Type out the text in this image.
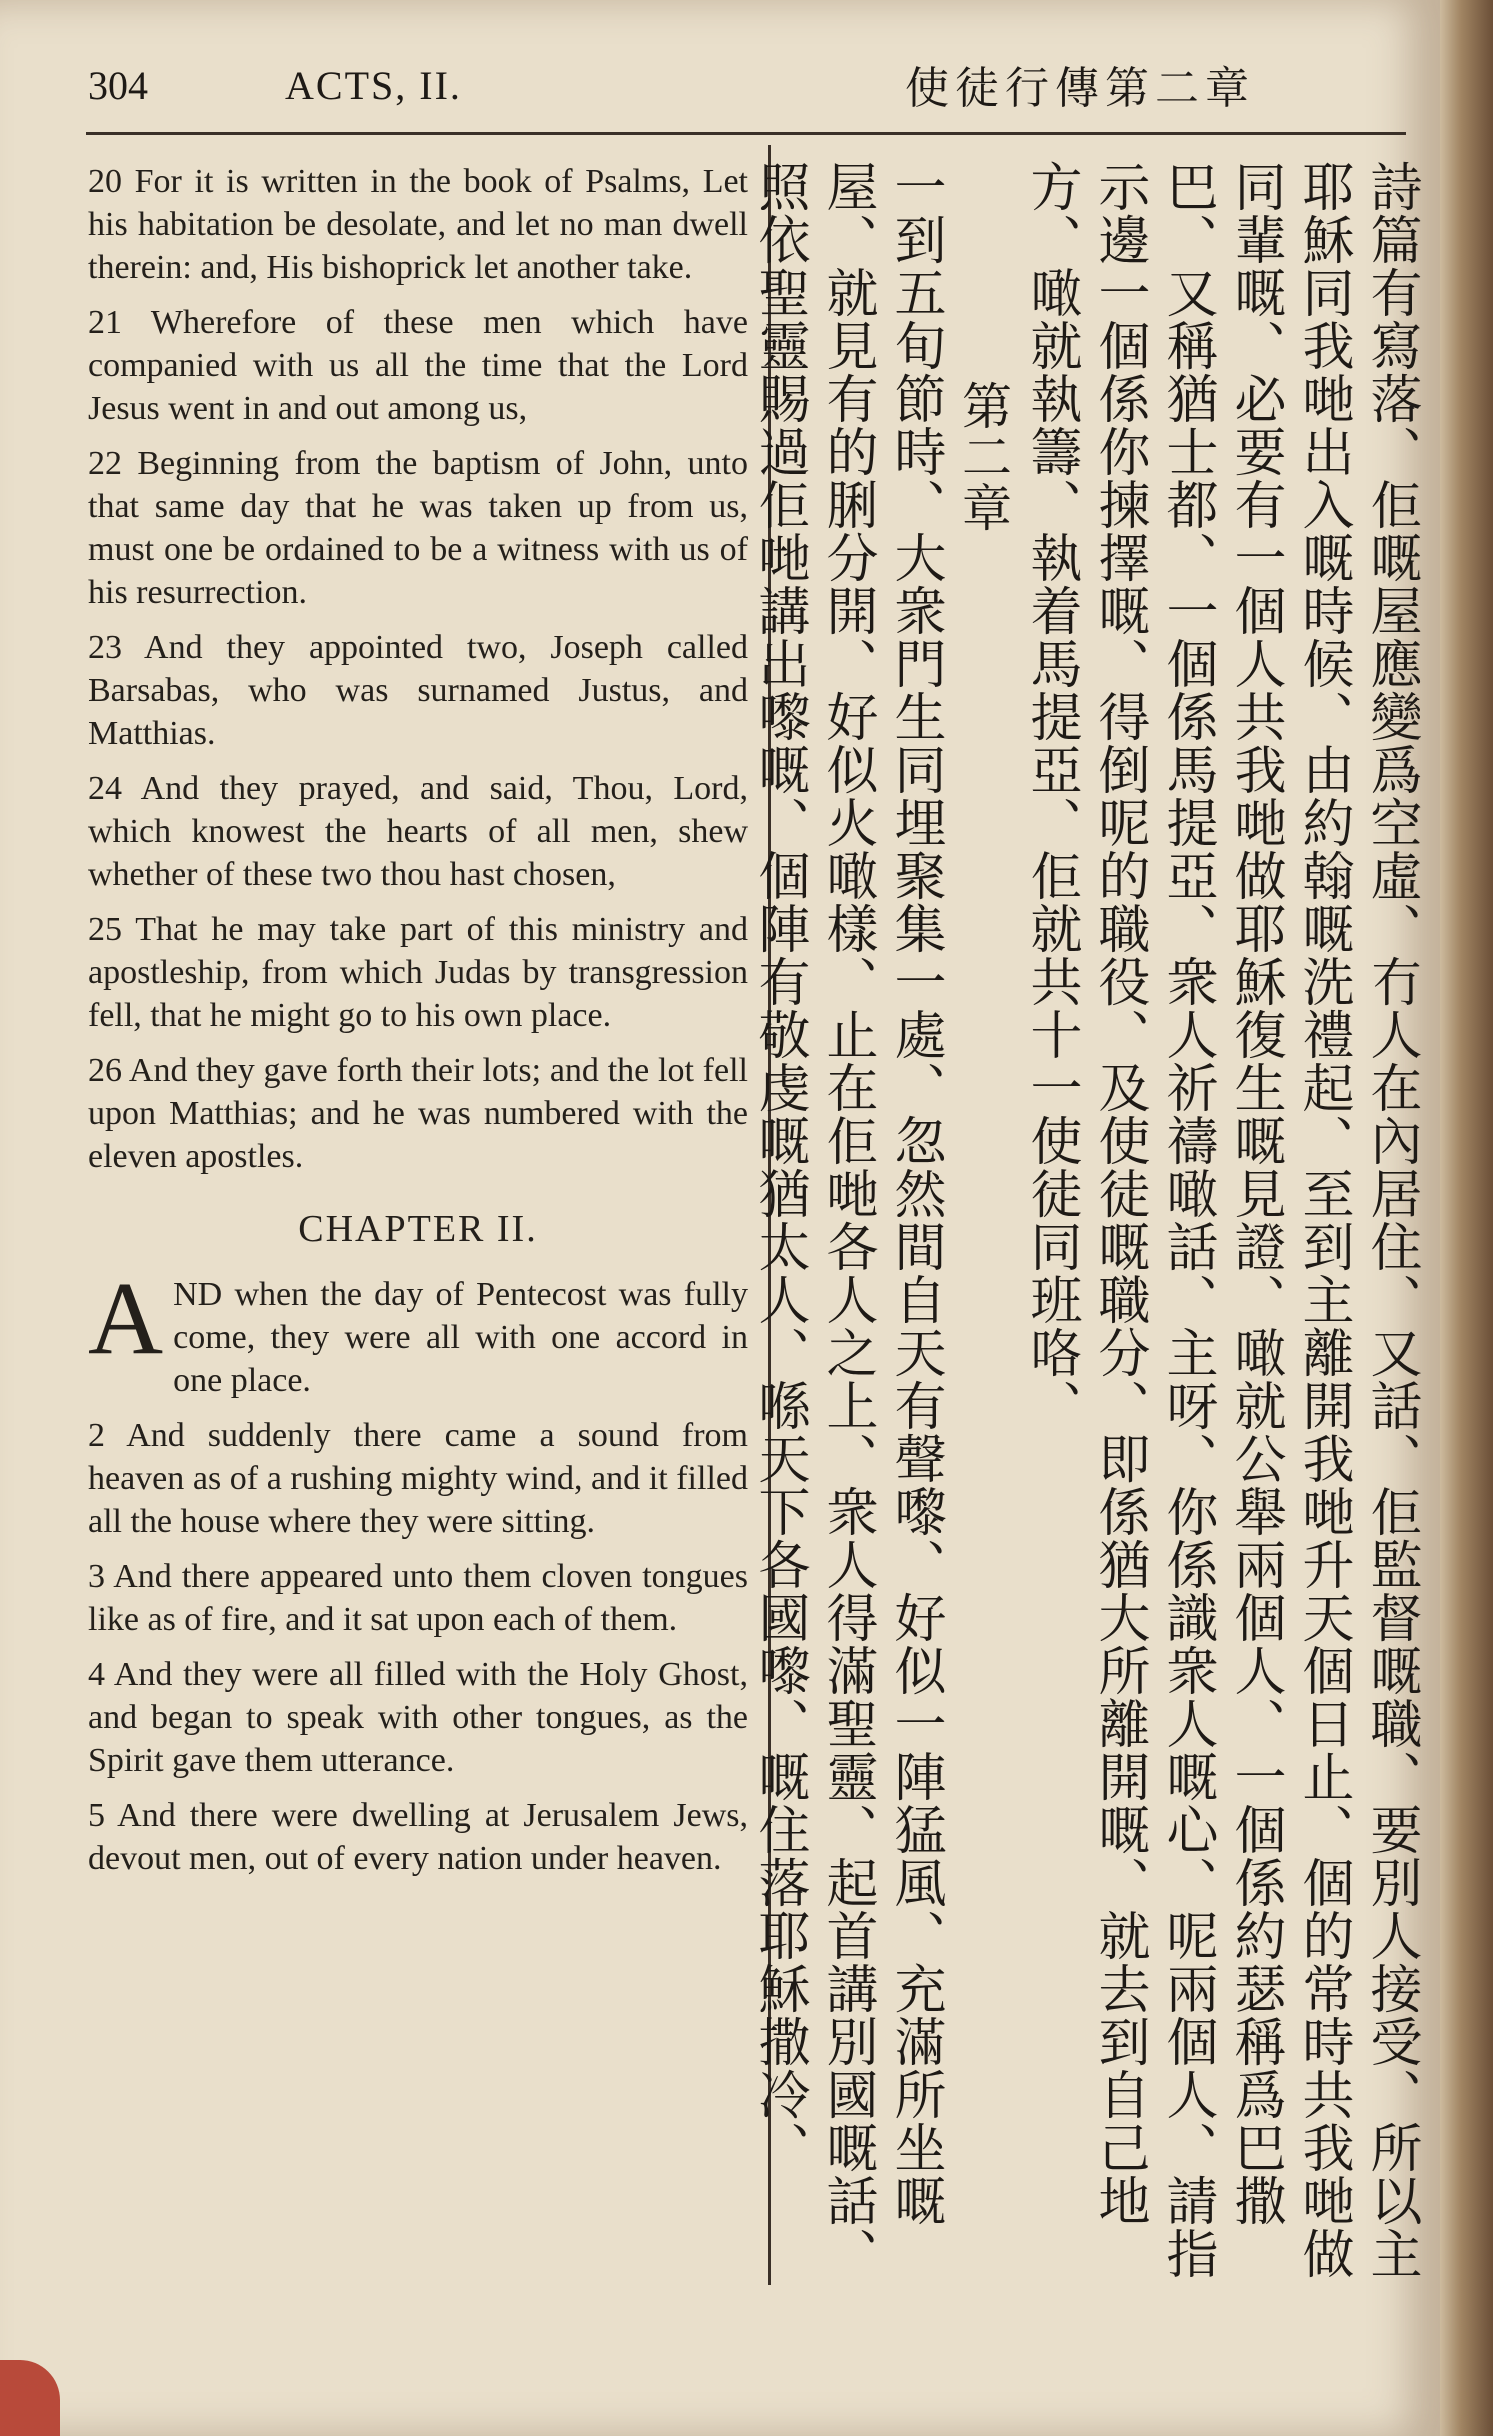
304	ACTS, II.	使徒行傳第二章

20 For it is written in the book of Psalms, Let his habitation be desolate, and let no man dwell therein: and, His bishoprick let another take.

21 Wherefore of these men which have companied with us all the time that the Lord Jesus went in and out among us,

22 Beginning from the baptism of John, unto that same day that he was taken up from us, must one be ordained to be a witness with us of his resurrection.

23 And they appointed two, Joseph called Barsabas, who was surnamed Justus, and Matthias.

24 And they prayed, and said, Thou, Lord, which knowest the hearts of all men, shew whether of these two thou hast chosen,

25 That he may take part of this ministry and apostleship, from which Judas by transgression fell, that he might go to his own place.

26 And they gave forth their lots; and the lot fell upon Matthias; and he was numbered with the eleven apostles.

CHAPTER II.

AND when the day of Pentecost was fully come, they were all with one accord in one place.

2 And suddenly there came a sound from heaven as of a rushing mighty wind, and it filled all the house where they were sitting.

3 And there appeared unto them cloven tongues like as of fire, and it sat upon each of them.

4 And they were all filled with the Holy Ghost, and began to speak with other tongues, as the Spirit gave them utterance.

5 And there were dwelling at Jerusalem Jews, devout men, out of every nation under heaven.	詩篇有寫落、佢嘅屋應變爲空虛、冇人在內居住、又話、佢監督嘅職、要別人接受、所以主耶穌同我哋出入嘅時候、由約翰嘅洗禮起、至到主離開我哋升天個日止、個的常時共我哋做同輩嘅、必要有一個人共我哋做耶穌復生嘅見證、噉就公舉兩個人、一個係約瑟稱爲巴撒巴、又稱猶士都、一個係馬提亞、衆人祈禱噉話、主呀、你係識衆人嘅心、呢兩個人、請指示邊一個係你揀擇嘅、得倒呢的職役、及使徒嘅職分、即係猶大所離開嘅、就去到自己地方、噉就執籌、執着馬提亞、佢就共十一使徒同班咯、

第二章

一到五旬節時、大衆門生同埋聚集一處、忽然間自天有聲嚟、好似一陣猛風、充滿所坐嘅屋、就見有的脷分開、好似火噉樣、止在佢哋各人之上、衆人得滿聖靈、起首講別國嘅話、照依聖靈賜過佢哋講出嚟嘅、個陣有敬虔嘅猶太人、喺天下各國嚟、嘅住落耶穌撒冷、
